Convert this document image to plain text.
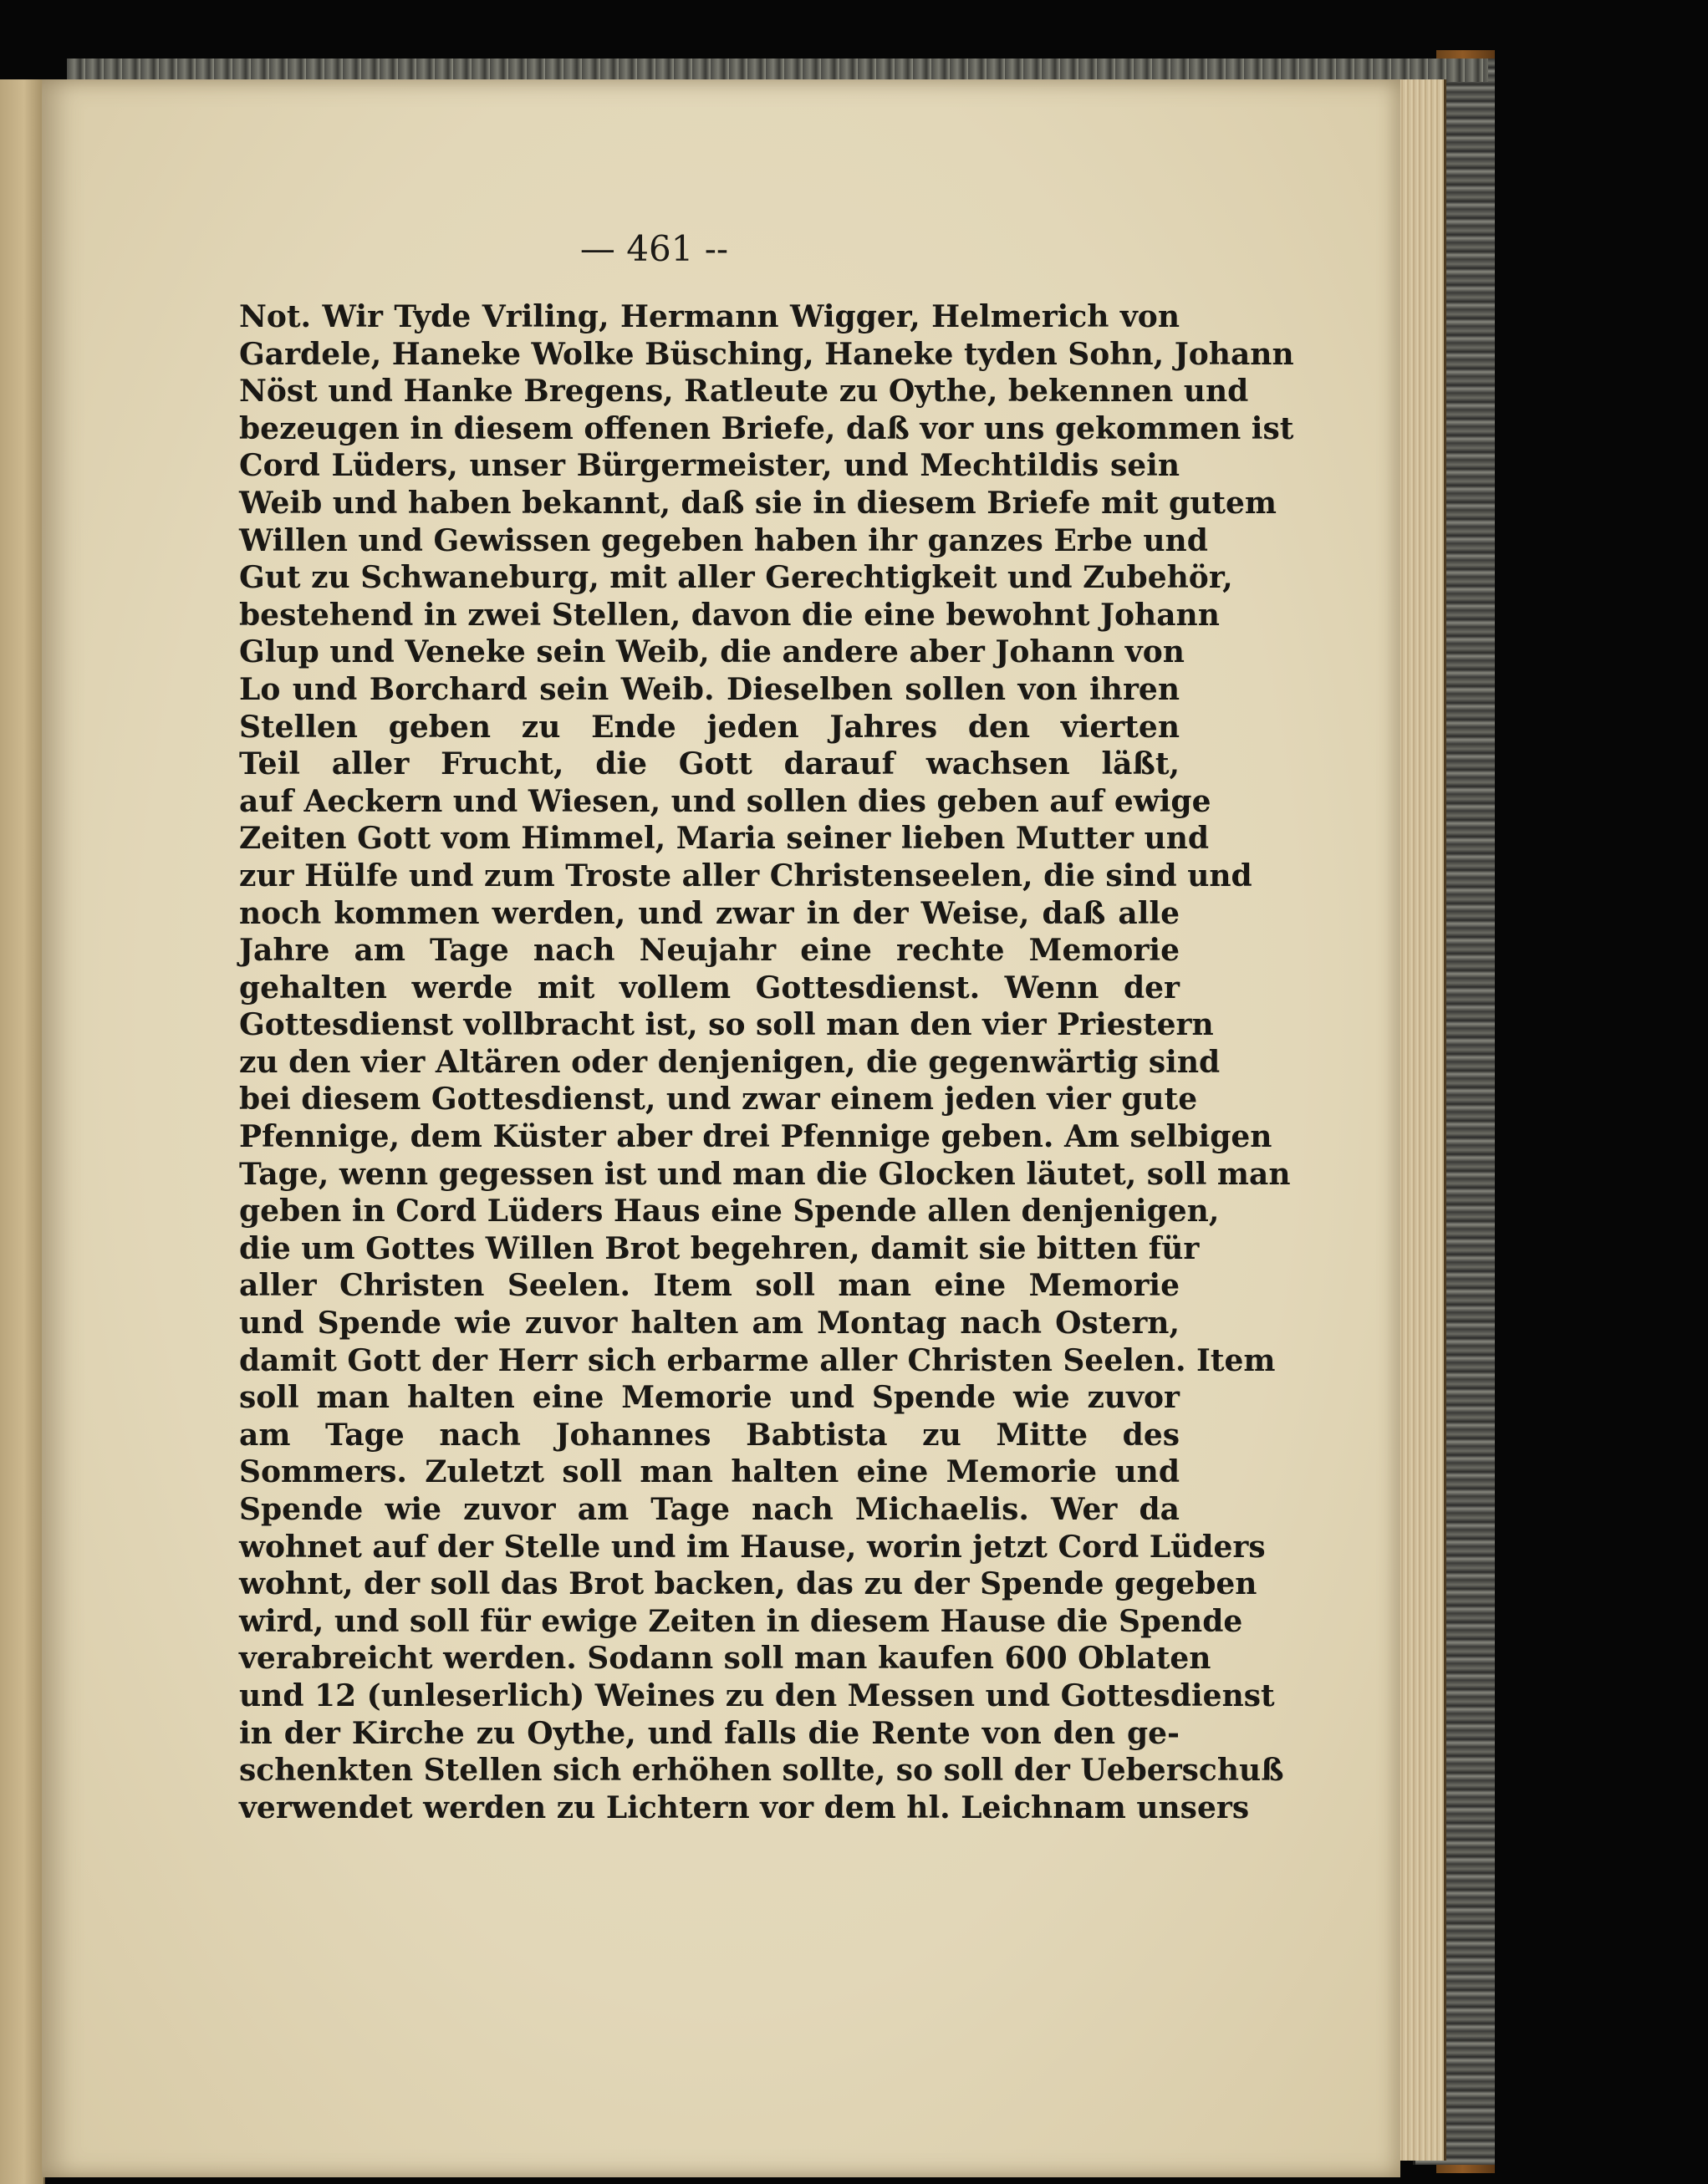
— 461 --
Not. Wir Tyde Vriling, Hermann Wigger, Helmerich von
Gardele, Haneke Wolke Büsching, Haneke tyden Sohn, Johann
Nöst und Hanke Bregens, Ratleute zu Oythe, bekennen und
bezeugen in diesem offenen Briefe, daß vor uns gekommen ist
Cord Lüders, unser Bürgermeister, und Mechtildis sein
Weib und haben bekannt, daß sie in diesem Briefe mit gutem
Willen und Gewissen gegeben haben ihr ganzes Erbe und
Gut zu Schwaneburg, mit aller Gerechtigkeit und Zubehör,
bestehend in zwei Stellen, davon die eine bewohnt Johann
Glup und Veneke sein Weib, die andere aber Johann von
Lo und Borchard sein Weib. Dieselben sollen von ihren
Stellen geben zu Ende jeden Jahres den vierten
Teil aller Frucht, die Gott darauf wachsen läßt,
auf Aeckern und Wiesen, und sollen dies geben auf ewige
Zeiten Gott vom Himmel, Maria seiner lieben Mutter und
zur Hülfe und zum Troste aller Christenseelen, die sind und
noch kommen werden, und zwar in der Weise, daß alle
Jahre am Tage nach Neujahr eine rechte Memorie
gehalten werde mit vollem Gottesdienst. Wenn der
Gottesdienst vollbracht ist, so soll man den vier Priestern
zu den vier Altären oder denjenigen, die gegenwärtig sind
bei diesem Gottesdienst, und zwar einem jeden vier gute
Pfennige, dem Küster aber drei Pfennige geben. Am selbigen
Tage, wenn gegessen ist und man die Glocken läutet, soll man
geben in Cord Lüders Haus eine Spende allen denjenigen,
die um Gottes Willen Brot begehren, damit sie bitten für
aller Christen Seelen. Item soll man eine Memorie
und Spende wie zuvor halten am Montag nach Ostern,
damit Gott der Herr sich erbarme aller Christen Seelen. Item
soll man halten eine Memorie und Spende wie zuvor
am Tage nach Johannes Babtista zu Mitte des
Sommers. Zuletzt soll man halten eine Memorie und
Spende wie zuvor am Tage nach Michaelis. Wer da
wohnet auf der Stelle und im Hause, worin jetzt Cord Lüders
wohnt, der soll das Brot backen, das zu der Spende gegeben
wird, und soll für ewige Zeiten in diesem Hause die Spende
verabreicht werden. Sodann soll man kaufen 600 Oblaten
und 12 (unleserlich) Weines zu den Messen und Gottesdienst
in der Kirche zu Oythe, und falls die Rente von den ge-
schenkten Stellen sich erhöhen sollte, so soll der Ueberschuß
verwendet werden zu Lichtern vor dem hl. Leichnam unsers
